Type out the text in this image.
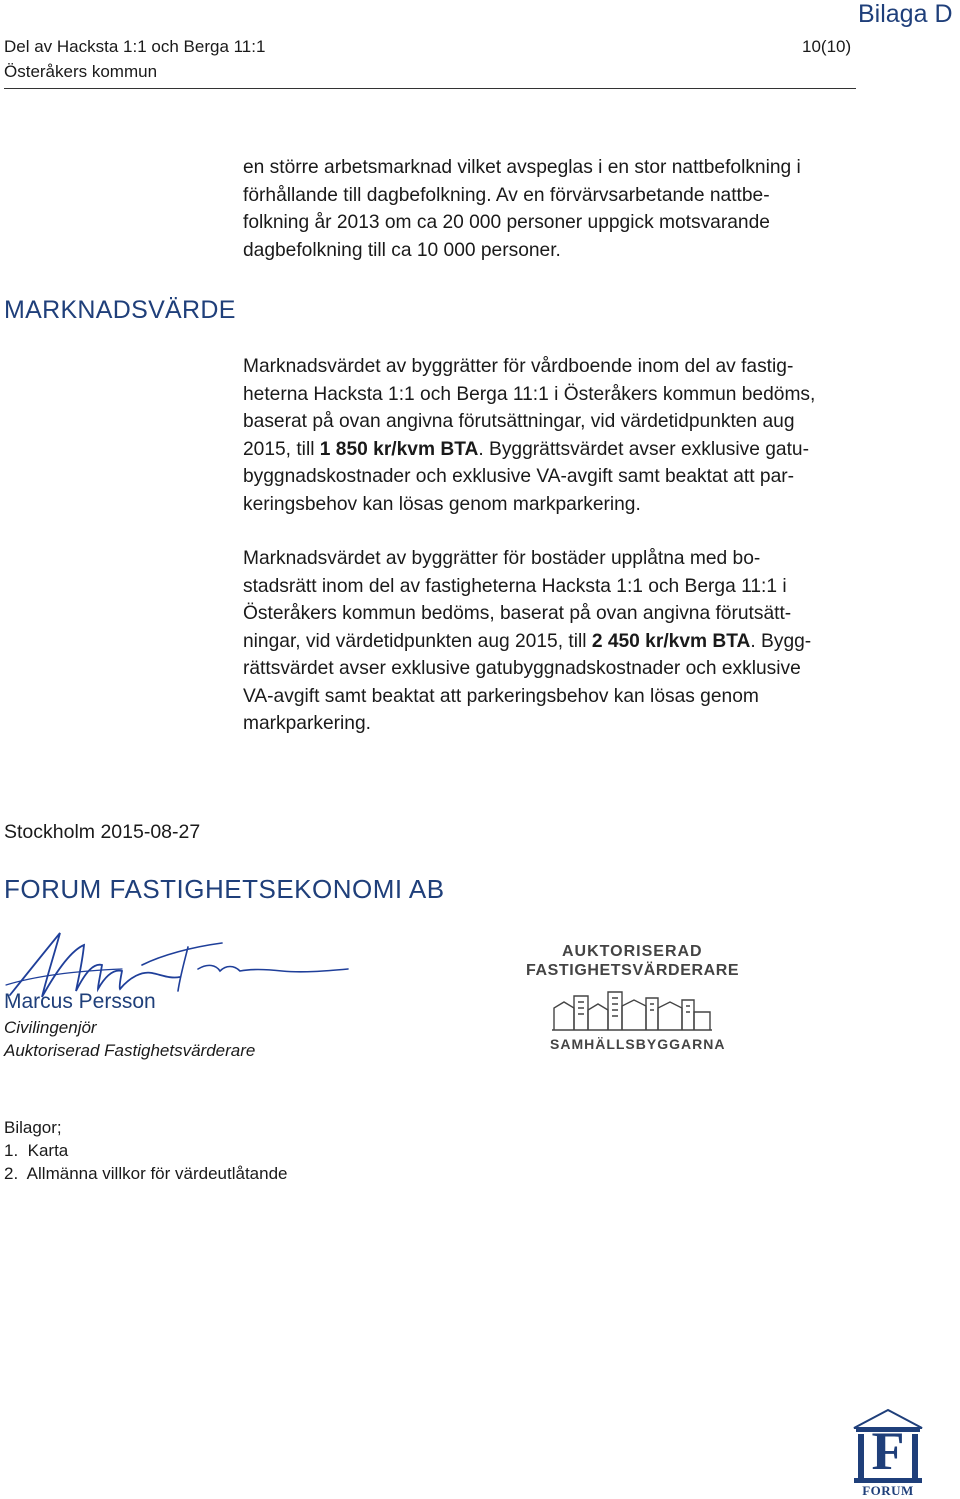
Del av Hacksta 1:1 och Berga 11:1
Österåkers kommun
10(10)
Bilaga D
en större arbetsmarknad vilket avspeglas i en stor nattbefolkning i
förhållande till dagbefolkning. Av en förvärvsarbetande nattbe-
folkning år 2013 om ca 20 000 personer uppgick motsvarande
dagbefolkning till ca 10 000 personer.
MARKNADSVÄRDE
Marknadsvärdet av byggrätter för vårdboende inom del av fastig-
heterna Hacksta 1:1 och Berga 11:1 i Österåkers kommun bedöms,
baserat på ovan angivna förutsättningar, vid värdetidpunkten aug
2015, till 1 850 kr/kvm BTA. Byggrättsvärdet avser exklusive gatu-
byggnadskostnader och exklusive VA-avgift samt beaktat att par-
keringsbehov kan lösas genom markparkering.
Marknadsvärdet av byggrätter för bostäder upplåtna med bo-
stadsrätt inom del av fastigheterna Hacksta 1:1 och Berga 11:1 i
Österåkers kommun bedöms, baserat på ovan angivna förutsätt-
ningar, vid värdetidpunkten aug 2015, till 2 450 kr/kvm BTA. Bygg-
rättsvärdet avser exklusive gatubyggnadskostnader och exklusive
VA-avgift samt beaktat att parkeringsbehov kan lösas genom
markparkering.
Stockholm 2015-08-27
FORUM FASTIGHETSEKONOMI AB
Marcus Persson
Civilingenjör
Auktoriserad Fastighetsvärderare
AUKTORISERAD
FASTIGHETSVÄRDERARE
SAMHÄLLSBYGGARNA
Bilagor;
1.  Karta
2.  Allmänna villkor för värdeutlåtande
F
FORUM
